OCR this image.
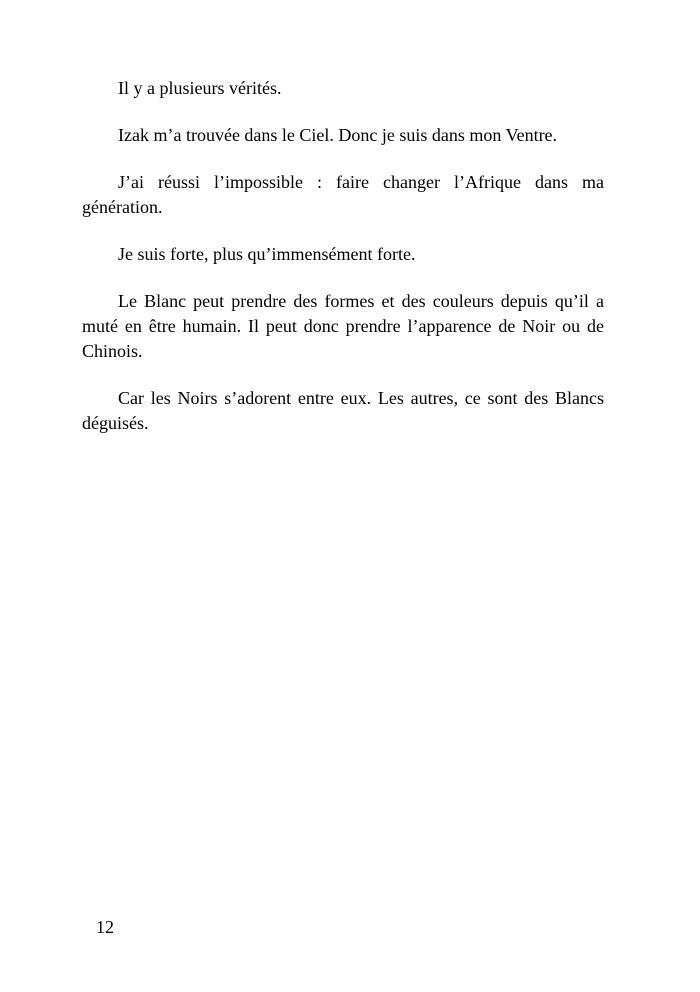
Il y a plusieurs vérités.

Izak m’a trouvée dans le Ciel. Donc je suis dans mon Ventre.

J’ai réussi l’impossible : faire changer l’Afrique dans ma génération.

Je suis forte, plus qu’immensément forte.

Le Blanc peut prendre des formes et des couleurs depuis qu’il a muté en être humain. Il peut donc prendre l’apparence de Noir ou de Chinois.

Car les Noirs s’adorent entre eux. Les autres, ce sont des Blancs déguisés.

12
